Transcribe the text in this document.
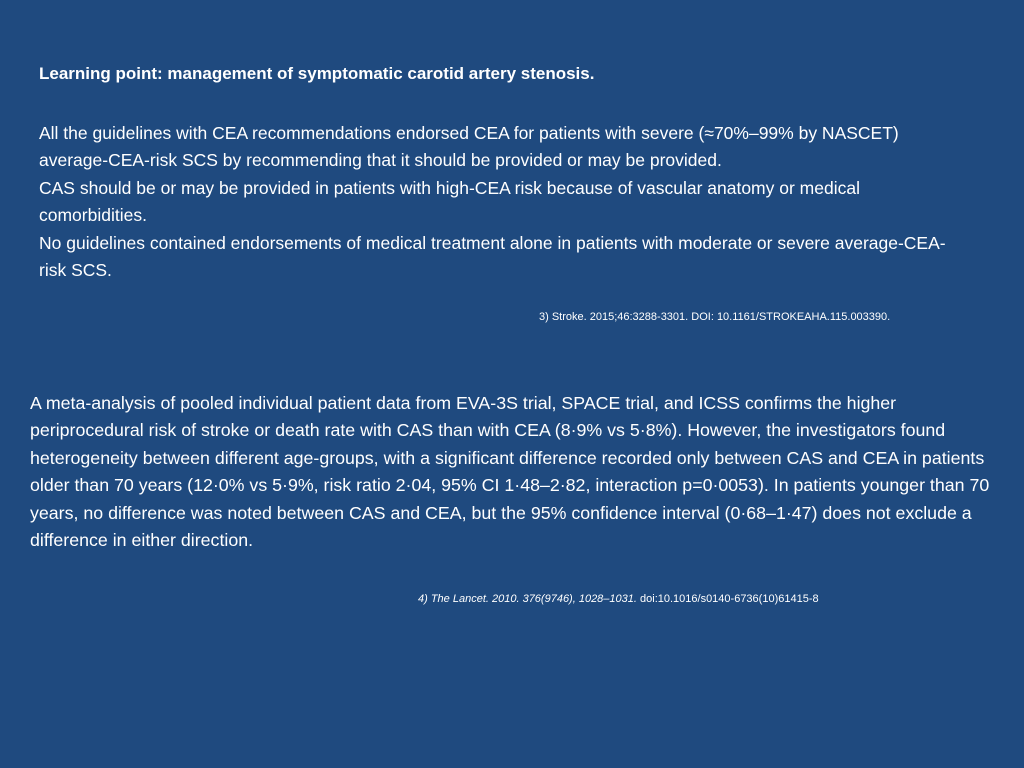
Learning point: management of symptomatic carotid artery stenosis.

All the guidelines with CEA recommendations endorsed CEA for patients with severe (≈70%–99% by NASCET) average-CEA-risk SCS by recommending that it should be provided or may be provided.

CAS should be or may be provided in patients with high-CEA risk because of vascular anatomy or medical comorbidities.

No guidelines contained endorsements of medical treatment alone in patients with moderate or severe average-CEA-risk SCS.

3) Stroke. 2015;46:3288-3301. DOI: 10.1161/STROKEAHA.115.003390.
A meta-analysis of pooled individual patient data from EVA-3S trial, SPACE trial, and ICSS confirms the higher periprocedural risk of stroke or death rate with CAS than with CEA (8·9% vs 5·8%). However, the investigators found heterogeneity between different age-groups, with a significant difference recorded only between CAS and CEA in patients older than 70 years (12·0% vs 5·9%, risk ratio 2·04, 95% CI 1·48–2·82, interaction p=0·0053). In patients younger than 70 years, no difference was noted between CAS and CEA, but the 95% confidence interval (0·68–1·47) does not exclude a difference in either direction.
4) The Lancet. 2010. 376(9746), 1028–1031. doi:10.1016/s0140-6736(10)61415-8
